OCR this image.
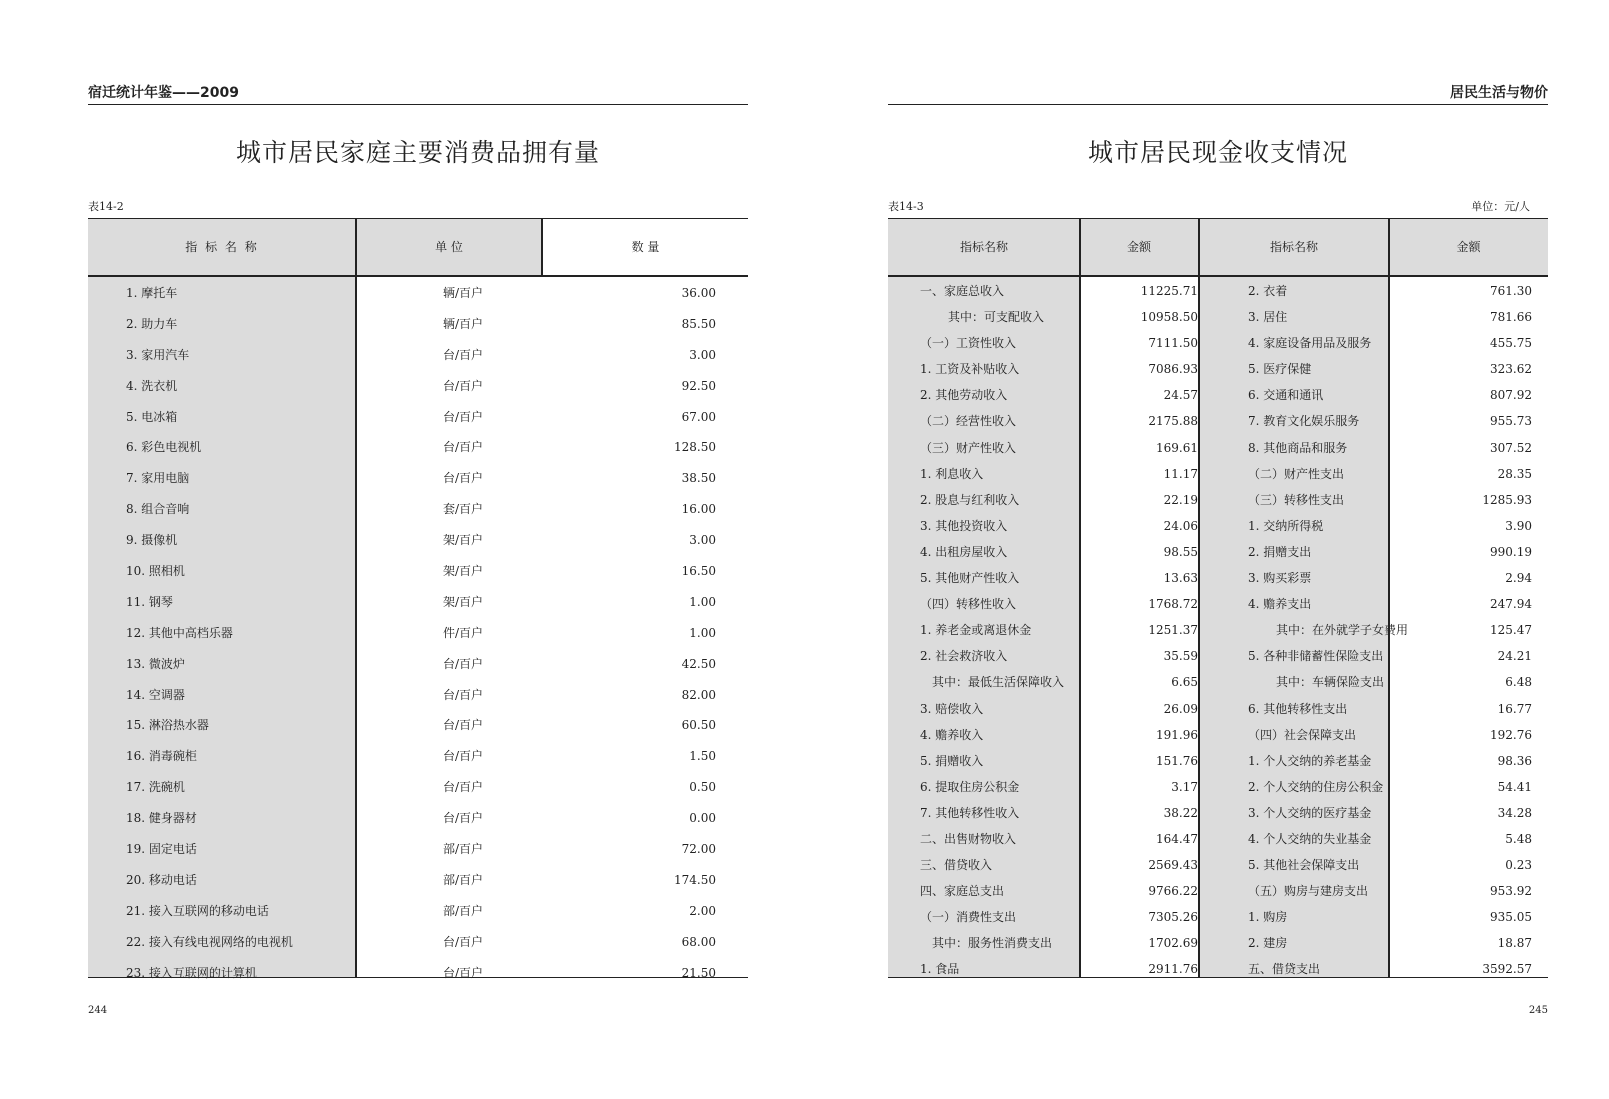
宿迁统计年鉴——2009
城市居民家庭主要消费品拥有量
表14-2
指 标 名 称	单 位	数 量
1. 摩托车	辆/百户	36.00
2. 助力车	辆/百户	85.50
3. 家用汽车	台/百户	3.00
4. 洗衣机	台/百户	92.50
5. 电冰箱	台/百户	67.00
6. 彩色电视机	台/百户	128.50
7. 家用电脑	台/百户	38.50
8. 组合音响	套/百户	16.00
9. 摄像机	架/百户	3.00
10. 照相机	架/百户	16.50
11. 钢琴	架/百户	1.00
12. 其他中高档乐器	件/百户	1.00
13. 微波炉	台/百户	42.50
14. 空调器	台/百户	82.00
15. 淋浴热水器	台/百户	60.50
16. 消毒碗柜	台/百户	1.50
17. 洗碗机	台/百户	0.50
18. 健身器材	台/百户	0.00
19. 固定电话	部/百户	72.00
20. 移动电话	部/百户	174.50
21. 接入互联网的移动电话	部/百户	2.00
22. 接入有线电视网络的电视机	台/百户	68.00
23. 接入互联网的计算机	台/百户	21.50
244
居民生活与物价
城市居民现金收支情况
表14-3	单位：元/人
指标名称	金额	指标名称	金额
一、家庭总收入	11225.71	2. 衣着	761.30
其中：可支配收入	10958.50	3. 居住	781.66
（一）工资性收入	7111.50	4. 家庭设备用品及服务	455.75
1. 工资及补贴收入	7086.93	5. 医疗保健	323.62
2. 其他劳动收入	24.57	6. 交通和通讯	807.92
（二）经营性收入	2175.88	7. 教育文化娱乐服务	955.73
（三）财产性收入	169.61	8. 其他商品和服务	307.52
1. 利息收入	11.17	（二）财产性支出	28.35
2. 股息与红利收入	22.19	（三）转移性支出	1285.93
3. 其他投资收入	24.06	1. 交纳所得税	3.90
4. 出租房屋收入	98.55	2. 捐赠支出	990.19
5. 其他财产性收入	13.63	3. 购买彩票	2.94
（四）转移性收入	1768.72	4. 赡养支出	247.94
1. 养老金或离退休金	1251.37	其中：在外就学子女费用	125.47
2. 社会救济收入	35.59	5. 各种非储蓄性保险支出	24.21
其中：最低生活保障收入	6.65	其中：车辆保险支出	6.48
3. 赔偿收入	26.09	6. 其他转移性支出	16.77
4. 赡养收入	191.96	（四）社会保障支出	192.76
5. 捐赠收入	151.76	1. 个人交纳的养老基金	98.36
6. 提取住房公积金	3.17	2. 个人交纳的住房公积金	54.41
7. 其他转移性收入	38.22	3. 个人交纳的医疗基金	34.28
二、出售财物收入	164.47	4. 个人交纳的失业基金	5.48
三、借贷收入	2569.43	5. 其他社会保障支出	0.23
四、家庭总支出	9766.22	（五）购房与建房支出	953.92
（一）消费性支出	7305.26	1. 购房	935.05
其中：服务性消费支出	1702.69	2. 建房	18.87
1. 食品	2911.76	五、借贷支出	3592.57
245
